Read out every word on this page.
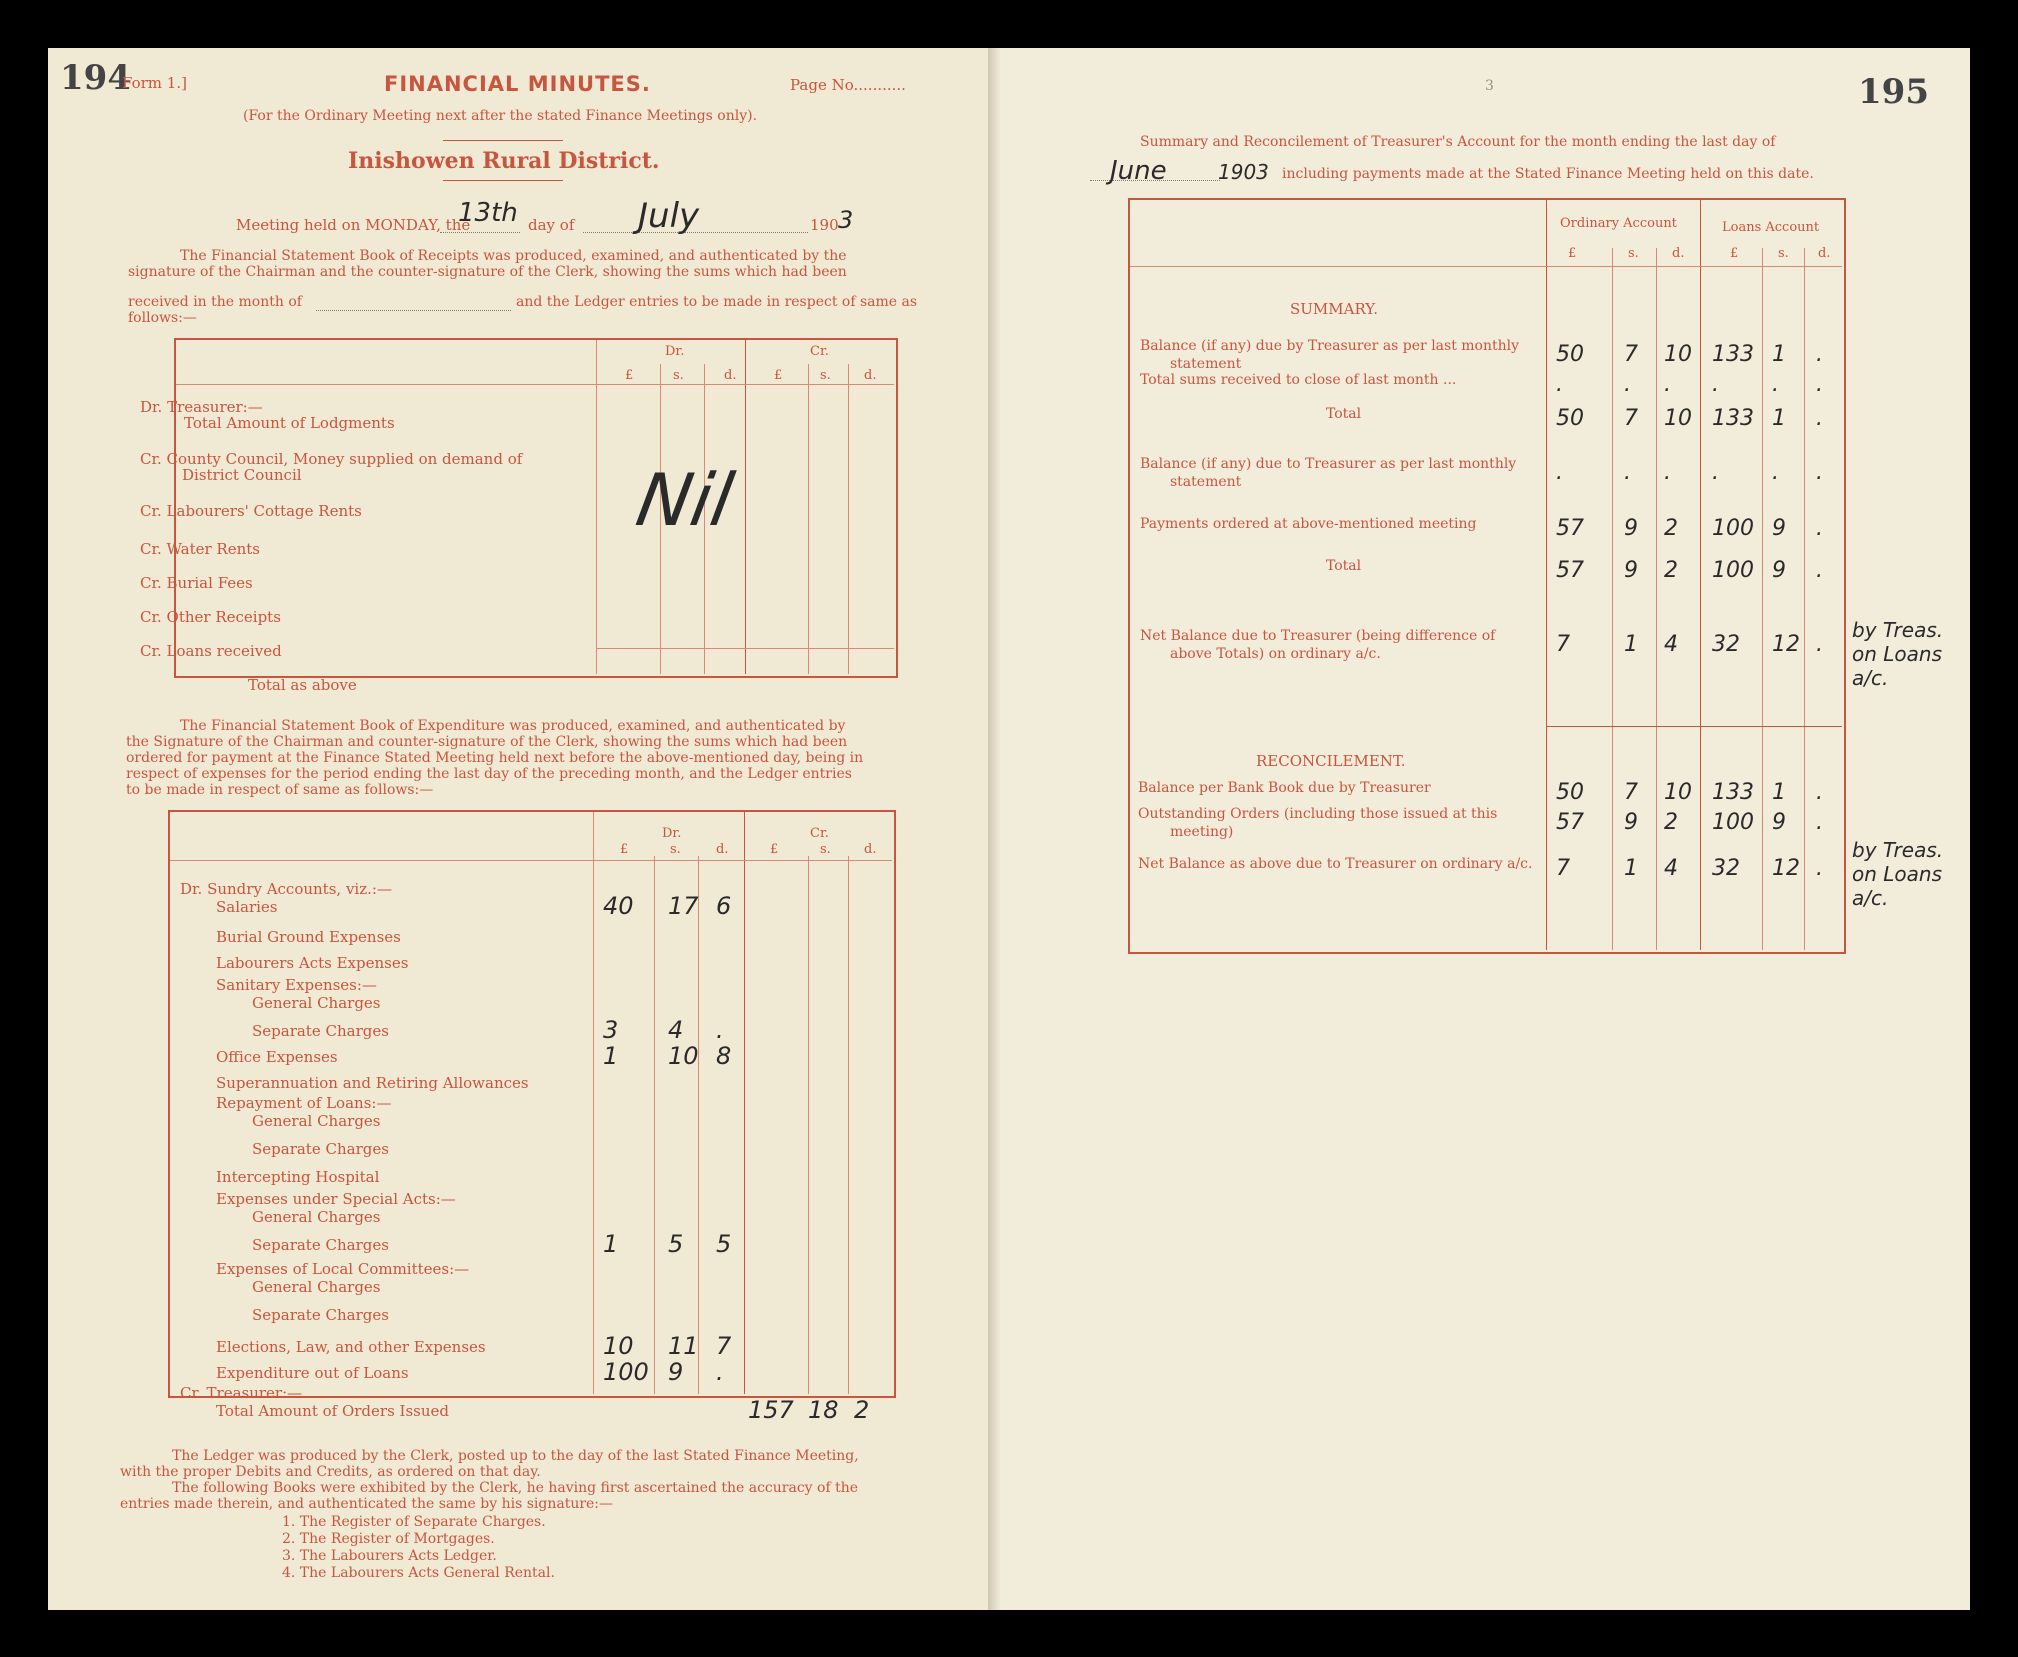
194
Form 1.]	FINANCIAL MINUTES.	Page No...........
(For the Ordinary Meeting next after the stated Finance Meetings only).
Inishowen Rural District.
Meeting held on MONDAY, the
13th day of July	190 3
The Financial Statement Book of Receipts was produced, examined, and authenticated by the
signature of the Chairman and the counter-signature of the Clerk, showing the sums which had been
received in the month of	and the Ledger entries to be made in respect of same as
follows:—
Dr.	Cr.
£	s.	d.	£	s.	d.
Dr. Treasurer:—
Total Amount of Lodgments
Cr. County Council, Money supplied on demand of
District Council
Cr. Labourers' Cottage Rents
Cr. Water Rents
Cr. Burial Fees
Cr. Other Receipts
Cr. Loans received
Total as above
Nil
The Financial Statement Book of Expenditure was produced, examined, and authenticated by
the Signature of the Chairman and counter-signature of the Clerk, showing the sums which had been
ordered for payment at the Finance Stated Meeting held next before the above-mentioned day, being in
respect of expenses for the period ending the last day of the preceding month, and the Ledger entries
to be made in respect of same as follows:—
Dr.	Cr.
£	s.	d.	£	s.	d.
Dr. Sundry Accounts, viz.:—
Salaries	40 17 6
Burial Ground Expenses
Labourers Acts Expenses
Sanitary Expenses:—
General Charges
Separate Charges	3 4 .
Office Expenses	1 10 8
Superannuation and Retiring Allowances
Repayment of Loans:—
General Charges
Separate Charges
Intercepting Hospital
Expenses under Special Acts:—
General Charges
Separate Charges	1 5 5
Expenses of Local Committees:—
General Charges
Separate Charges
Elections, Law, and other Expenses	10 11 7
Expenditure out of Loans	100 9 .
Cr. Treasurer:—
Total Amount of Orders Issued	157 18 2
The Ledger was produced by the Clerk, posted up to the day of the last Stated Finance Meeting,
with the proper Debits and Credits, as ordered on that day.
The following Books were exhibited by the Clerk, he having first ascertained the accuracy of the
entries made therein, and authenticated the same by his signature:—
1. The Register of Separate Charges.
2. The Register of Mortgages.
3. The Labourers Acts Ledger.
4. The Labourers Acts General Rental.
3	195
Summary and Reconcilement of Treasurer's Account for the month ending the last day of
June	1903 including payments made at the Stated Finance Meeting held on this date.
Ordinary Account	Loans Account
£	s.	d.	£	s. d.
SUMMARY.
RECONCILEMENT.
Balance (if any) due by Treasurer as per last monthly
statement	50 7 10 133 1 .
Total sums received to close of last month ...	.	. . . . .
Total	50 7 10 133 1 .
Balance (if any) due to Treasurer as per last monthly
statement	.	. . . . .
Payments ordered at above-mentioned meeting	57 9 2 100 9 .
Total	57 9 2 100 9 .
Net Balance due to Treasurer (being difference of
above Totals) on ordinary a/c.	7 1 4 32 12 .
Balance per Bank Book due by Treasurer	50 7 10 133 1 .
Outstanding Orders (including those issued at this
meeting)	57 9 2 100 9 .
Net Balance as above due to Treasurer on ordinary a/c. 7 1 4 32 12 .
by Treas. on Loans a/c.
by Treas. on Loans a/c.
